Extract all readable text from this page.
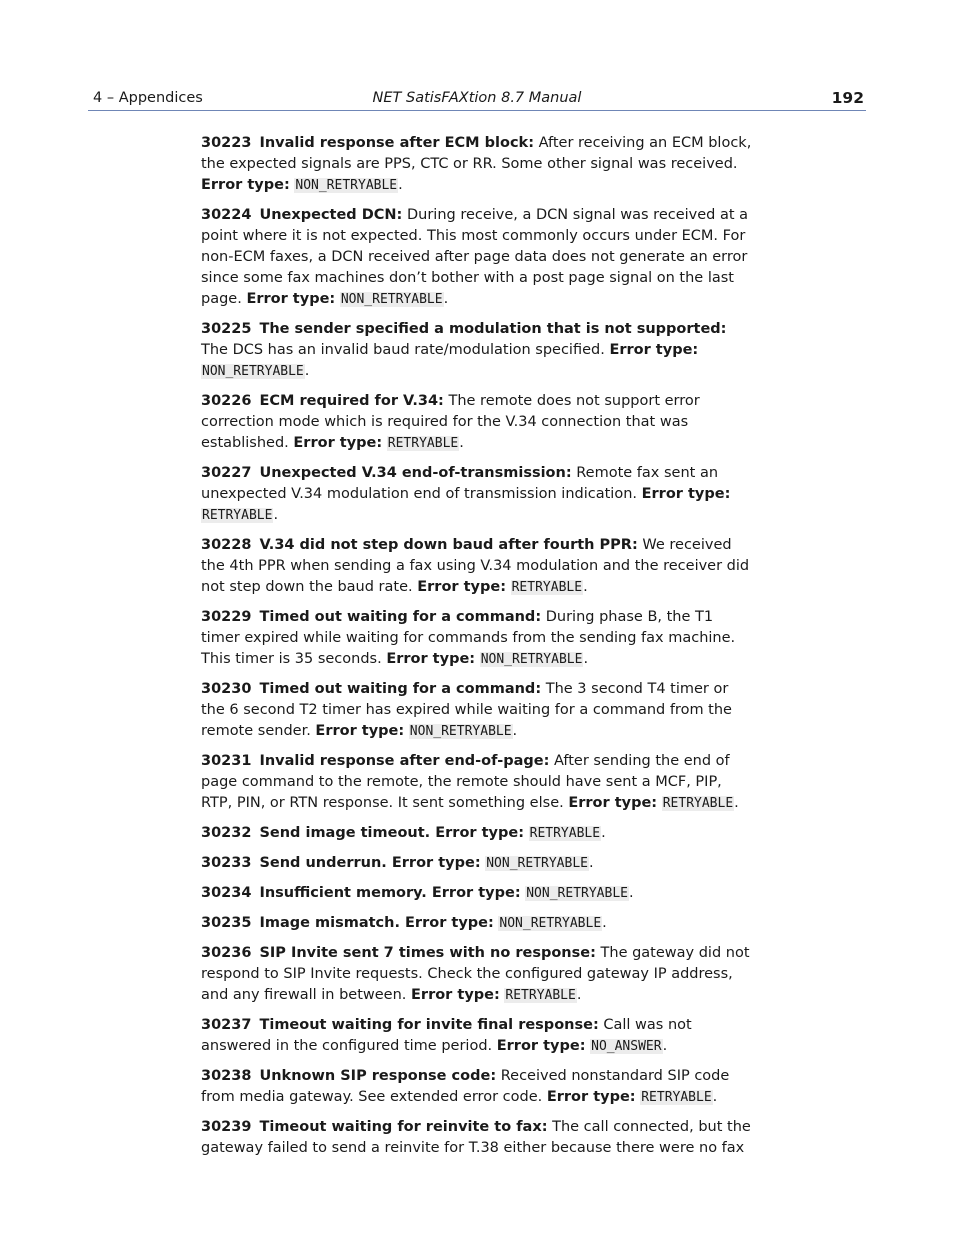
4 – Appendices	NET SatisFAXtion 8.7 Manual	192

30223 Invalid response after ECM block: After receiving an ECM block, the expected signals are PPS, CTC or RR. Some other signal was received. Error type: NON_RETRYABLE.

30224 Unexpected DCN: During receive, a DCN signal was received at a point where it is not expected. This most commonly occurs under ECM. For non-ECM faxes, a DCN received after page data does not generate an error since some fax machines don’t bother with a post page signal on the last page. Error type: NON_RETRYABLE.

30225 The sender specified a modulation that is not supported: The DCS has an invalid baud rate/modulation specified. Error type: NON_RETRYABLE.

30226 ECM required for V.34: The remote does not support error correction mode which is required for the V.34 connection that was established. Error type: RETRYABLE.

30227 Unexpected V.34 end-of-transmission: Remote fax sent an unexpected V.34 modulation end of transmission indication. Error type: RETRYABLE.

30228 V.34 did not step down baud after fourth PPR: We received the 4th PPR when sending a fax using V.34 modulation and the receiver did not step down the baud rate. Error type: RETRYABLE.

30229 Timed out waiting for a command: During phase B, the T1 timer expired while waiting for commands from the sending fax machine. This timer is 35 seconds. Error type: NON_RETRYABLE.

30230 Timed out waiting for a command: The 3 second T4 timer or the 6 second T2 timer has expired while waiting for a command from the remote sender. Error type: NON_RETRYABLE.

30231 Invalid response after end-of-page: After sending the end of page command to the remote, the remote should have sent a MCF, PIP, RTP, PIN, or RTN response. It sent something else. Error type: RETRYABLE.

30232 Send image timeout. Error type: RETRYABLE.

30233 Send underrun. Error type: NON_RETRYABLE.

30234 Insufficient memory. Error type: NON_RETRYABLE.

30235 Image mismatch. Error type: NON_RETRYABLE.

30236 SIP Invite sent 7 times with no response: The gateway did not respond to SIP Invite requests. Check the configured gateway IP address, and any firewall in between. Error type: RETRYABLE.

30237 Timeout waiting for invite final response: Call was not answered in the configured time period. Error type: NO_ANSWER.

30238 Unknown SIP response code: Received nonstandard SIP code from media gateway. See extended error code. Error type: RETRYABLE.

30239 Timeout waiting for reinvite to fax: The call connected, but the gateway failed to send a reinvite for T.38 either because there were no fax
